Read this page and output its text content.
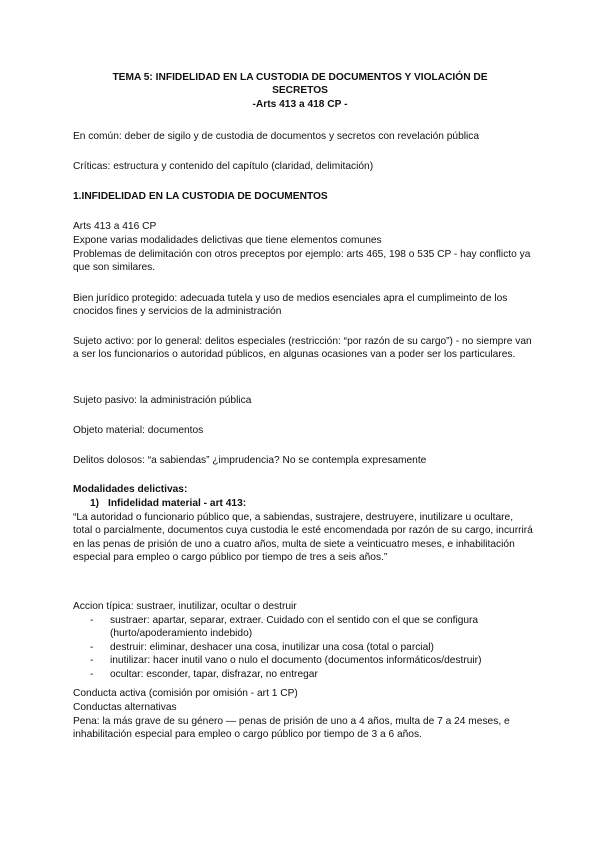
TEMA 5: INFIDELIDAD EN LA CUSTODIA DE DOCUMENTOS Y VIOLACIÓN DE
SECRETOS
-Arts 413 a 418 CP -

En común: deber de sigilo y de custodia de documentos y secretos con revelación pública

Críticas: estructura y contenido del capítulo (claridad, delimitación)

1.INFIDELIDAD EN LA CUSTODIA DE DOCUMENTOS

Arts 413 a 416 CP

Expone varias modalidades delictivas que tiene elementos comunes

Problemas de delimitación con otros preceptos por ejemplo: arts 465, 198 o 535 CP - hay conflicto ya que son similares.

Bien jurídico protegido: adecuada tutela y uso de medios esenciales apra el cumplimeinto de los cnocidos fines y servicios de la administración

Sujeto activo: por lo general: delitos especiales (restricción: “por razón de su cargo”) - no siempre van a ser los funcionarios o autoridad públicos, en algunas ocasiones van a poder ser los particulares.

Sujeto pasivo: la administración pública

Objeto material: documentos

Delitos dolosos: “a sabiendas” ¿imprudencia? No se contempla expresamente

Modalidades delictivas:

1) Infidelidad material - art 413:

“La autoridad o funcionario público que, a sabiendas, sustrajere, destruyere, inutilizare u ocultare, total o parcialmente, documentos cuya custodia le esté encomendada por razón de su cargo, incurrirá en las penas de prisión de uno a cuatro años, multa de siete a veinticuatro meses, e inhabilitación especial para empleo o cargo público por tiempo de tres a seis años.”

Accion típica: sustraer, inutilizar, ocultar o destruir

- sustraer: apartar, separar, extraer. Cuidado con el sentido con el que se configura (hurto/apoderamiento indebido)
- destruir: eliminar, deshacer una cosa, inutilizar una cosa (total o parcial)
- inutilizar: hacer inutil vano o nulo el documento (documentos informáticos/destruir)
- ocultar: esconder, tapar, disfrazar, no entregar

Conducta activa (comisión por omisión - art 1 CP)

Conductas alternativas

Pena: la más grave de su género — penas de prisión de uno a 4 años, multa de 7 a 24 meses, e inhabilitación especial para empleo o cargo público por tiempo de 3 a 6 años.
